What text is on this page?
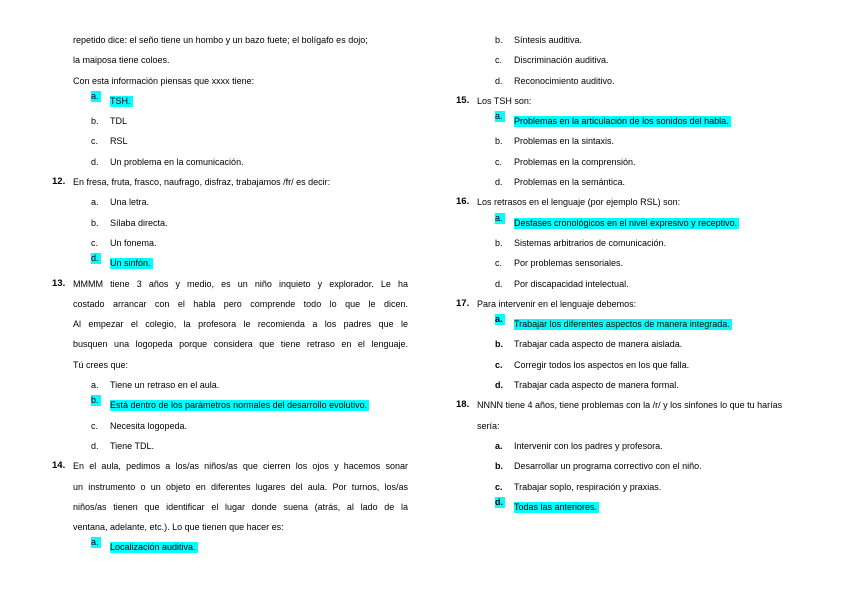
repetido dice: el seño tiene un hombo y un bazo fuete; el bolígafo es dojo;
la maiposa tiene coloes.
Con esta información piensas que xxxx tiene:
a. TSH.
b. TDL
c. RSL
d. Un problema en la comunicación.
12. En fresa, fruta, frasco, naufrago, disfraz, trabajamos /fr/ es decir:
a. Una letra.
b. Sílaba directa.
c. Un fonema.
d. Un sinfón.
13. MMMM tiene 3 años y medio, es un niño inquieto y explorador. Le ha
costado arrancar con el habla pero comprende todo lo que le dicen.
Al empezar el colegio, la profesora le recomienda a los padres que le
busquen una logopeda porque considera que tiene retraso en el lenguaje.
Tú crees que:
a. Tiene un retraso en el aula.
b. Está dentro de los parámetros normales del desarrollo evolutivo.
c. Necesita logopeda.
d. Tiene TDL.
14. En el aula, pedimos a los/as niños/as que cierren los ojos y hacemos sonar
un instrumento o un objeto en diferentes lugares del aula. Por turnos, los/as
niños/as tienen que identificar el lugar donde suena (atrás, al lado de la
ventana, adelante, etc.). Lo que tienen que hacer es:
a. Localización auditiva.
b. Síntesis auditiva.
c. Discriminación auditiva.
d. Reconocimiento auditivo.
15. Los TSH son:
a. Problemas en la articulación de los sonidos del habla.
b. Problemas en la sintaxis.
c. Problemas en la comprensión.
d. Problemas en la semántica.
16. Los retrasos en el lenguaje (por ejemplo RSL) son:
a. Desfases cronológicos en el nivel expresivo y receptivo.
b. Sistemas arbitrarios de comunicación.
c. Por problemas sensoriales.
d. Por discapacidad intelectual.
17. Para intervenir en el lenguaje debemos:
a. Trabajar los diferentes aspectos de manera integrada.
b. Trabajar cada aspecto de manera aislada.
c. Corregir todos los aspectos en los que falla.
d. Trabajar cada aspecto de manera formal.
18. NNNN tiene 4 años, tiene problemas con la /r/ y los sinfones lo que tu harías
sería:
a. Intervenir con los padres y profesora.
b. Desarrollar un programa correctivo con el niño.
c. Trabajar soplo, respiración y praxias.
d. Todas las anteriores.
